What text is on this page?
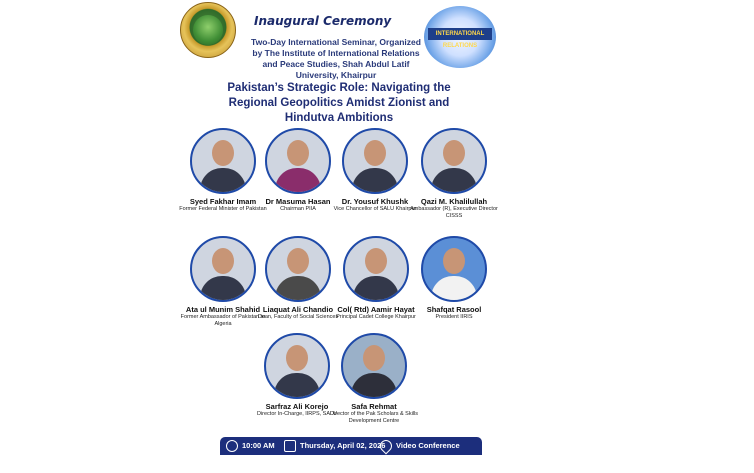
INTERNATIONAL RELATIONS
Inaugural Ceremony
Two-Day International Seminar, Organized by The Institute of International Relations and Peace Studies, Shah Abdul Latif University, Khairpur
Pakistan’s Strategic Role: Navigating the Regional Geopolitics Amidst Zionist and Hindutva Ambitions
Syed Fakhar Imam
Former Federal Minister of Pakistan
Dr Masuma Hasan
Chairman PIIA
Dr. Yousuf Khushk
Vice Chancellor of SALU Khairpur
Qazi M. Khalilullah
Ambassador (R), Executive Director CISSS
Ata ul Munim Shahid
Former Ambassador of Pakistan to Algeria
Liaquat Ali Chandio
Dean, Faculty of Social Sciences
Col( Rtd) Aamir Hayat
Principal Cadet College Khairpur
Shafqat Rasool
President IIRIS
Sarfraz Ali Korejo
Director In-Charge, IIRPS, SALU
Safa Rehmat
Director of the Pak Scholars & Skills Development Centre
10:00 AM	Thursday, April 02, 2026	Video Conference Room
